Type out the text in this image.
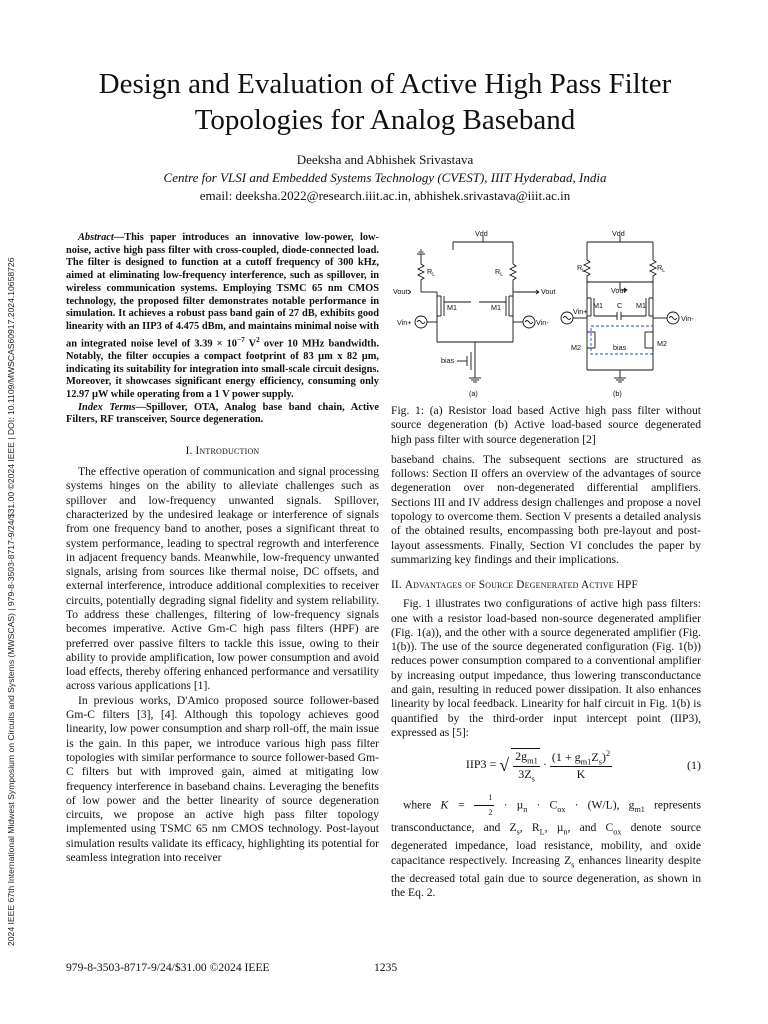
2024 IEEE 67th International Midwest Symposium on Circuits and Systems (MWSCAS) | 979-8-3503-8717-9/24/$31.00 ©2024 IEEE | DOI: 10.1109/MWSCAS60917.2024.10658726
Design and Evaluation of Active High Pass Filter Topologies for Analog Baseband
Deeksha and Abhishek Srivastava
Centre for VLSI and Embedded Systems Technology (CVEST), IIIT Hyderabad, India
email: deeksha.2022@research.iiit.ac.in, abhishek.srivastava@iiit.ac.in

Abstract—This paper introduces an innovative low-power, low-noise, active high pass filter with cross-coupled, diode-connected load. The filter is designed to function at a cutoff frequency of 300 kHz, aimed at eliminating low-frequency interference, such as spillover, in wireless communication systems. Employing TSMC 65 nm CMOS technology, the proposed filter demonstrates notable performance in simulation. It achieves a robust pass band gain of 27 dB, exhibits good linearity with an IIP3 of 4.475 dBm, and maintains minimal noise with an integrated noise level of $3.39 \times 10^{-7}$ $V^2$ over 10 MHz bandwidth. Notably, the filter occupies a compact footprint of 83 µm x 82 µm, indicating its suitability for integration into small-scale circuit designs. Moreover, it showcases significant energy efficiency, consuming only 12.97 µW while operating from a 1 V power supply.

Index Terms—Spillover, OTA, Analog base band chain, Active Filters, RF transceiver, Source degeneration.

I. Introduction

The effective operation of communication and signal processing systems hinges on the ability to alleviate challenges such as spillover and low-frequency unwanted signals. Spillover, characterized by the undesired leakage or interference of signals from one frequency band to another, poses a significant threat to system performance, leading to spectral regrowth and interference in adjacent frequency bands. Meanwhile, low-frequency unwanted signals, arising from sources like thermal noise, DC offsets, and external interference, introduce additional complexities to receiver circuits, potentially degrading signal fidelity and system reliability. To address these challenges, filtering of low-frequency signals becomes imperative. Active Gm-C high pass filters (HPF) are preferred over passive filters to tackle this issue, owing to their ability to provide amplification, low power consumption and avoid load effects, thereby offering enhanced performance and versatility across various applications [1].

In previous works, D'Amico proposed source follower-based Gm-C filters [3], [4]. Although this topology achieves good linearity, low power consumption and sharp roll-off, the main issue is the gain. In this paper, we introduce various high pass filter topologies with similar performance to source follower-based Gm-C filters but with improved gain, aimed at mitigating low frequency interference in baseband chains. Leveraging the benefits of low power and the better linearity of source degeneration circuits, we propose an active high pass filter topology implemented using TSMC 65 nm CMOS technology. Post-layout simulation results validate its efficacy, highlighting its potential for seamless integration into receiver

Vdd
$R_L$	$R_L$
Vout
M1	M1
Vout
Vin+	Vin-
bias
(a)
Vdd
$R_L$	$R_L$
Vout
M1	M1
C
Vin+
Vin-
bias
M2	M2
(b)

Fig. 1: (a) Resistor load based Active high pass filter without source degeneration (b) Active load-based source degenerated high pass filter with source degeneration [2]

baseband chains. The subsequent sections are structured as follows: Section II offers an overview of the advantages of source degeneration over non-degenerated differential amplifiers. Sections III and IV address design challenges and propose a novel topology to overcome them. Section V presents a detailed analysis of the obtained results, encompassing both pre-layout and post-layout assessments. Finally, Section VI concludes the paper by summarizing key findings and their implications.

II. Advantages of Source Degenerated Active HPF

Fig. 1 illustrates two configurations of active high pass filters: one with a resistor load-based non-source degenerated amplifier (Fig. 1(a)), and the other with a source degenerated amplifier (Fig. 1(b)). The use of the source degenerated configuration (Fig. 1(b)) reduces power consumption compared to a conventional amplifier by increasing output impedance, thus lowering transconductance and gain, resulting in reduced power dissipation. It also enhances linearity by local feedback. Linearity for half circuit in Fig. 1(b) is quantified by the third-order input intercept point (IIP3), expressed as [5]:

IIP3 = √ $\frac{2g_{m1}}{3Z_s} \cdot \frac{(1 + g_{m1}Z_s)^2}{K}$	(1)

where $K = \frac{1}{2} \cdot \mu_n \cdot C_{ox} \cdot (W/L)$, $g_{m1}$ represents transconductance, and $Z_s$, $R_L$, µ$_n$, and $C_{ox}$ denote source degenerated impedance, load resistance, mobility, and oxide capacitance respectively. Increasing $Z_s$ enhances linearity despite the decreased total gain due to source degeneration, as shown in the Eq. 2.

979-8-3503-8717-9/24/$31.00 ©2024 IEEE	1235
